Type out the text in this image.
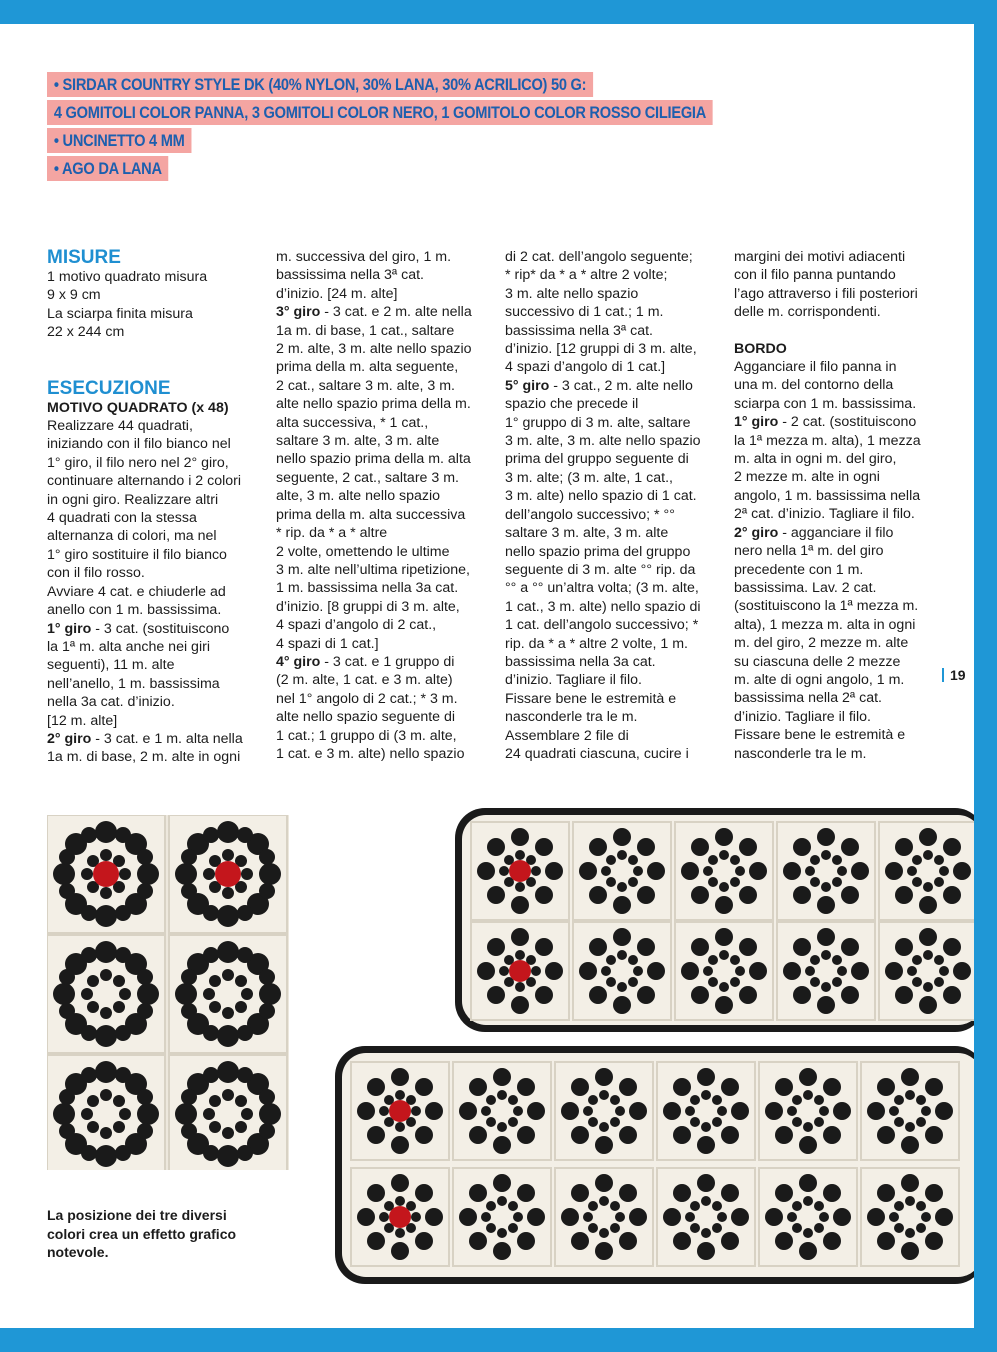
• SIRDAR COUNTRY STYLE DK (40% NYLON, 30% LANA, 30% ACRILICO) 50 G:
4 GOMITOLI COLOR PANNA, 3 GOMITOLI COLOR NERO, 1 GOMITOLO COLOR ROSSO CILIEGIA
• UNCINETTO 4 MM
• AGO DA LANA
MISURE

1 motivo quadrato misura

9 x 9 cm

La sciarpa finita misura

22 x 244 cm

ESECUZIONE

MOTIVO QUADRATO (x 48)

Realizzare 44 quadrati,

iniziando con il filo bianco nel

1° giro, il filo nero nel 2° giro,

continuare alternando i 2 colori

in ogni giro. Realizzare altri

4 quadrati con la stessa

alternanza di colori, ma nel

1° giro sostituire il filo bianco

con il filo rosso.

Avviare 4 cat. e chiuderle ad

anello con 1 m. bassissima.

1° giro - 3 cat. (sostituiscono

la 1ª m. alta anche nei giri

seguenti), 11 m. alte

nell’anello, 1 m. bassissima

nella 3a cat. d’inizio.

[12 m. alte]

2° giro - 3 cat. e 1 m. alta nella

1a m. di base, 2 m. alte in ogni

m. successiva del giro, 1 m.

bassissima nella 3ª cat.

d’inizio. [24 m. alte]

3° giro - 3 cat. e 2 m. alte nella

1a m. di base, 1 cat., saltare

2 m. alte, 3 m. alte nello spazio

prima della m. alta seguente,

2 cat., saltare 3 m. alte, 3 m.

alte nello spazio prima della m.

alta successiva, * 1 cat.,

saltare 3 m. alte, 3 m. alte

nello spazio prima della m. alta

seguente, 2 cat., saltare 3 m.

alte, 3 m. alte nello spazio

prima della m. alta successiva

* rip. da * a * altre

2 volte, omettendo le ultime

3 m. alte nell’ultima ripetizione,

1 m. bassissima nella 3a cat.

d’inizio. [8 gruppi di 3 m. alte,

4 spazi d’angolo di 2 cat.,

4 spazi di 1 cat.]

4° giro - 3 cat. e 1 gruppo di

(2 m. alte, 1 cat. e 3 m. alte)

nel 1° angolo di 2 cat.; * 3 m.

alte nello spazio seguente di

1 cat.; 1 gruppo di (3 m. alte,

1 cat. e 3 m. alte) nello spazio

di 2 cat. dell’angolo seguente;

* rip* da * a * altre 2 volte;

3 m. alte nello spazio

successivo di 1 cat.; 1 m.

bassissima nella 3ª cat.

d’inizio. [12 gruppi di 3 m. alte,

4 spazi d’angolo di 1 cat.]

5° giro - 3 cat., 2 m. alte nello

spazio che precede il

1° gruppo di 3 m. alte, saltare

3 m. alte, 3 m. alte nello spazio

prima del gruppo seguente di

3 m. alte; (3 m. alte, 1 cat.,

3 m. alte) nello spazio di 1 cat.

dell’angolo successivo; * °°

saltare 3 m. alte, 3 m. alte

nello spazio prima del gruppo

seguente di 3 m. alte °° rip. da

°° a °° un’altra volta; (3 m. alte,

1 cat., 3 m. alte) nello spazio di

1 cat. dell’angolo successivo; *

rip. da * a * altre 2 volte, 1 m.

bassissima nella 3a cat.

d’inizio. Tagliare il filo.

Fissare bene le estremità e

nasconderle tra le m.

Assemblare 2 file di

24 quadrati ciascuna, cucire i

margini dei motivi adiacenti

con il filo panna puntando

l’ago attraverso i fili posteriori

delle m. corrispondenti.

BORDO

Agganciare il filo panna in

una m. del contorno della

sciarpa con 1 m. bassissima.

1° giro - 2 cat. (sostituiscono

la 1ª mezza m. alta), 1 mezza

m. alta in ogni m. del giro,

2 mezze m. alte in ogni

angolo, 1 m. bassissima nella

2ª cat. d’inizio. Tagliare il filo.

2° giro - agganciare il filo

nero nella 1ª m. del giro

precedente con 1 m.

bassissima. Lav. 2 cat.

(sostituiscono la 1ª mezza m.

alta), 1 mezza m. alta in ogni

m. del giro, 2 mezze m. alte

su ciascuna delle 2 mezze

m. alte di ogni angolo, 1 m.

bassissima nella 2ª cat.

d’inizio. Tagliare il filo.

Fissare bene le estremità e

nasconderle tra le m.

19
La posizione dei tre diversi colori crea un effetto grafico notevole.
